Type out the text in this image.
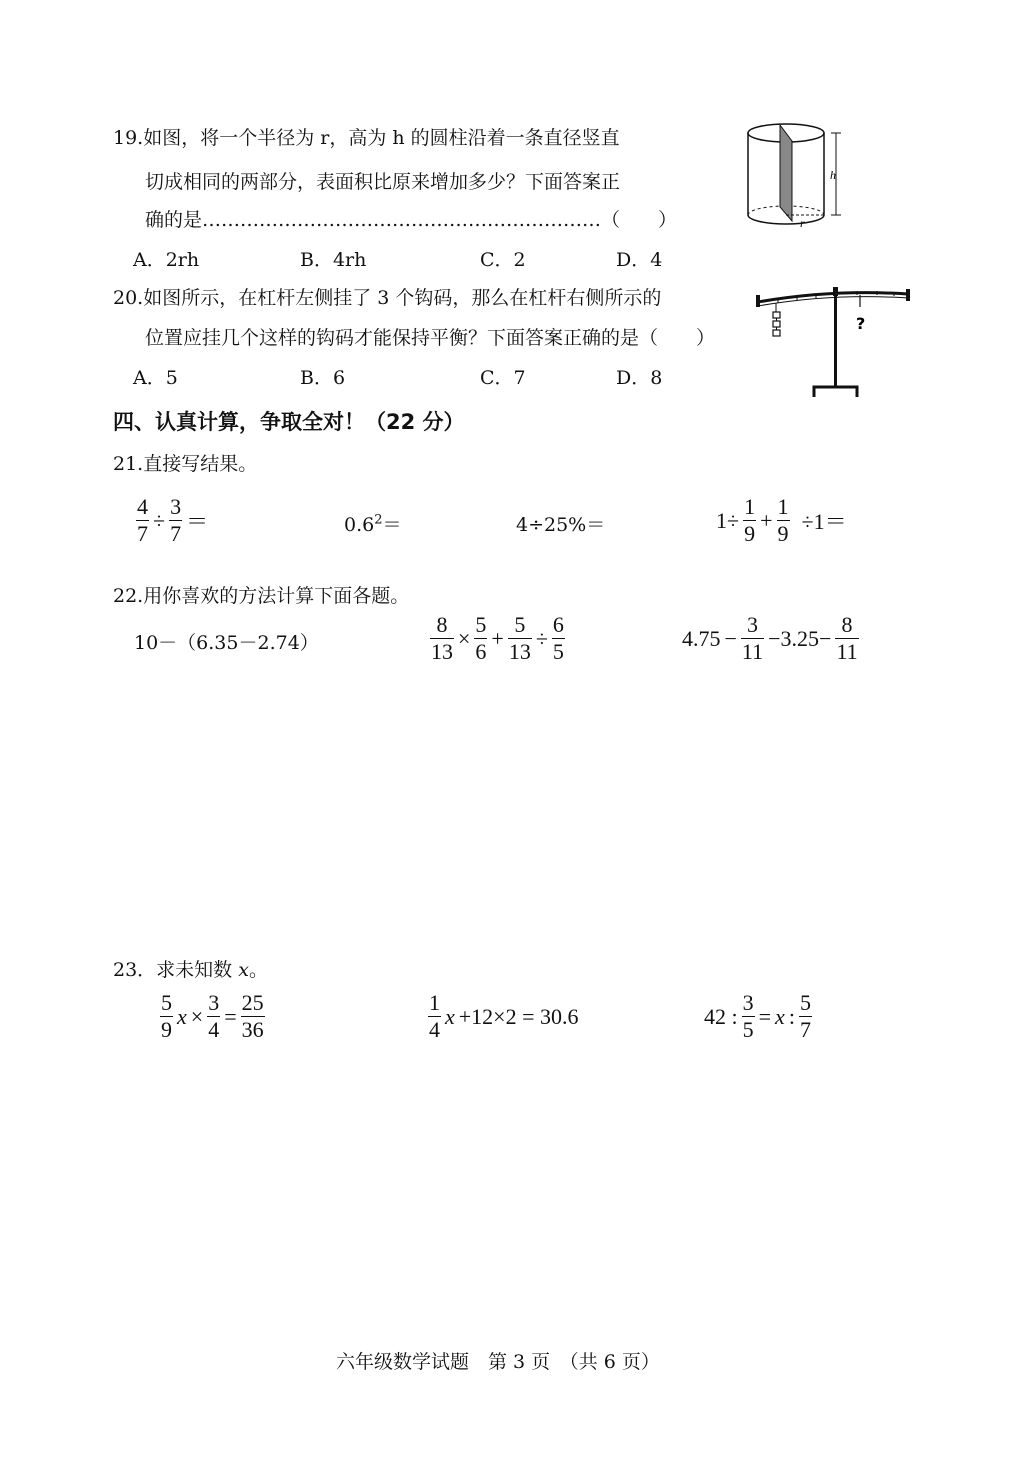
19.如图，将一个半径为 r，高为 h 的圆柱沿着一条直径竖直
切成相同的两部分，表面积比原来增加多少？下面答案正
确的是………………………………………………………（　　）
A．2rh	B．4rh	C．2	D．4
h
r
20.如图所示，在杠杆左侧挂了 3 个钩码，那么在杠杆右侧所示的
位置应挂几个这样的钩码才能保持平衡？下面答案正确的是（　　）
A．5	B．6	C．7	D．8
?
四、认真计算，争取全对！（22 分）
21.直接写结果。
$\frac{4}{7} \div \frac{3}{7}$ ＝	$0.6^2=$	4÷25%＝	$1\div \frac{1}{9} + \frac{1}{9} \div 1=$
22.用你喜欢的方法计算下面各题。
10－（6.35－2.74）	$\frac{8}{13} \times \frac{5}{6} + \frac{5}{13} \div \frac{6}{5}$	$4.75 - \frac{3}{11} -3.25- \frac{8}{11}$
23．求未知数 x。
$\frac{5}{9}$ $x \times \frac{3}{4} = \frac{25}{36}$	$\frac{1}{4}$ x +12×2 = 30.6	42 : $\frac{3}{5} = x$ : $\frac{5}{7}$
六年级数学试题　第 3 页　（共 6 页）
